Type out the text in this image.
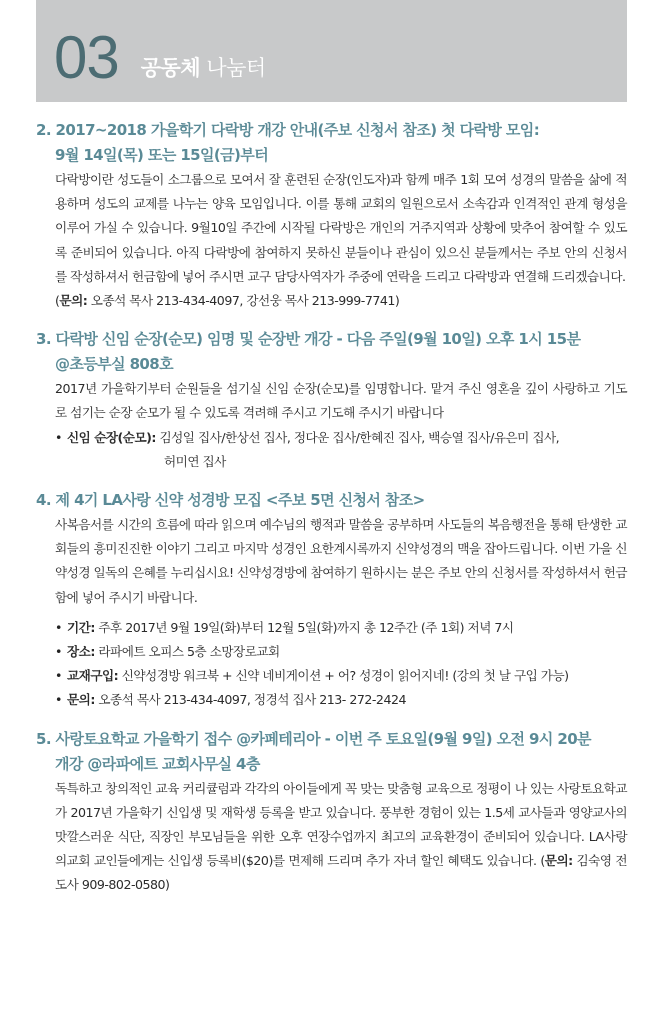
03 공동체 나눔터
2. 2017~2018 가을학기 다락방 개강 안내(주보 신청서 참조) 첫 다락방 모임:
9월 14일(목) 또는 15일(금)부터
다락방이란 성도들이 소그룹으로 모여서 잘 훈련된 순장(인도자)과 함께 매주 1회 모여 성경의 말씀을 삶에 적용하며 성도의 교제를 나누는 양육 모임입니다. 이를 통해 교회의 일원으로서 소속감과 인격적인 관계 형성을 이루어 가실 수 있습니다. 9월10일 주간에 시작될 다락방은 개인의 거주지역과 상황에 맞추어 참여할 수 있도록 준비되어 있습니다. 아직 다락방에 참여하지 못하신 분들이나 관심이 있으신 분들께서는 주보 안의 신청서를 작성하셔서 헌금함에 넣어 주시면 교구 담당사역자가 주중에 연락을 드리고 다락방과 연결해 드리겠습니다.
(문의: 오종석 목사 213-434-4097, 강선웅 목사 213-999-7741)
3. 다락방 신임 순장(순모) 임명 및 순장반 개강 - 다음 주일(9월 10일) 오후 1시 15분
@초등부실 808호
2017년 가을학기부터 순원들을 섬기실 신임 순장(순모)를 임명합니다. 맡겨 주신 영혼을 깊이 사랑하고 기도로 섬기는 순장 순모가 될 수 있도록 격려해 주시고 기도해 주시기 바랍니다
• 신임 순장(순모): 김성일 집사/한상선 집사, 정다운 집사/한혜진 집사, 백승열 집사/유은미 집사,
허미연 집사
4. 제 4기 LA사랑 신약 성경방 모집 <주보 5면 신청서 참조>
사복음서를 시간의 흐름에 따라 읽으며 예수님의 행적과 말씀을 공부하며 사도들의 복음행전을 통해 탄생한 교회들의 흥미진진한 이야기 그리고 마지막 성경인 요한계시록까지 신약성경의 맥을 잡아드립니다. 이번 가을 신약성경 일독의 은혜를 누리십시요! 신약성경방에 참여하기 원하시는 분은 주보 안의 신청서를 작성하셔서 헌금함에 넣어 주시기 바랍니다.
• 기간: 주후 2017년 9월 19일(화)부터 12월 5일(화)까지 총 12주간 (주 1회) 저녁 7시
• 장소: 라파에트 오피스 5층 소망장로교회
• 교재구입: 신약성경방 워크북 + 신약 네비게이션 + 어? 성경이 읽어지네! (강의 첫 날 구입 가능)
• 문의: 오종석 목사 213-434-4097, 정경석 집사 213- 272-2424
5. 사랑토요학교 가을학기 접수 @카페테리아 - 이번 주 토요일(9월 9일) 오전 9시 20분
개강 @라파에트 교회사무실 4층
독특하고 창의적인 교육 커리큘럼과 각각의 아이들에게 꼭 맞는 맞춤형 교육으로 정평이 나 있는 사랑토요학교가 2017년 가을학기 신입생 및 재학생 등록을 받고 있습니다. 풍부한 경험이 있는 1.5세 교사들과 영양교사의 맛깔스러운 식단, 직장인 부모님들을 위한 오후 연장수업까지 최고의 교육환경이 준비되어 있습니다. LA사랑의교회 교인들에게는 신입생 등록비($20)를 면제해 드리며 추가 자녀 할인 혜택도 있습니다. (문의: 김숙영 전도사 909-802-0580)
